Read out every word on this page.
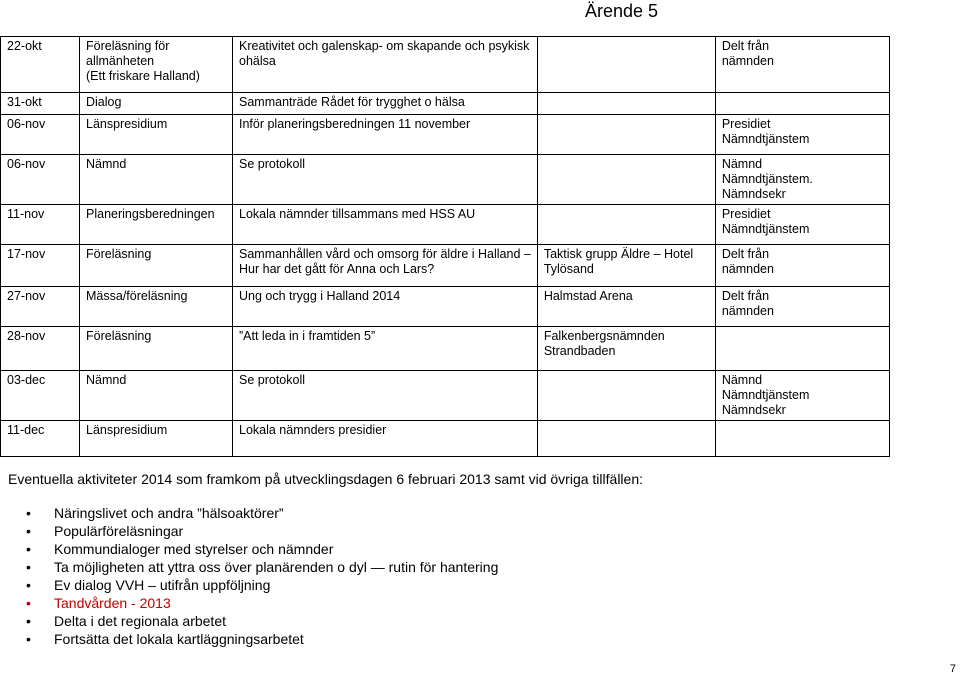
Ärende 5
22-okt	Föreläsning för
allmänheten
(Ett friskare Halland)	Kreativitet och galenskap- om skapande och psykisk
ohälsa		Delt från
nämnden

31-okt	Dialog	Sammanträde Rådet för trygghet o hälsa		

06-nov	Länspresidium	Inför planeringsberedningen 11 november		Presidiet
Nämndtjänstem

06-nov	Nämnd	Se protokoll		Nämnd
Nämndtjänstem.
Nämndsekr

11-nov	Planeringsberedningen	Lokala nämnder tillsammans med HSS AU		Presidiet
Nämndtjänstem

17-nov	Föreläsning	Sammanhållen vård och omsorg för äldre i Halland –
Hur har det gått för Anna och Lars?	Taktisk grupp Äldre – Hotel
Tylösand	Delt från
nämnden

27-nov	Mässa/föreläsning	Ung och trygg i Halland 2014	Halmstad Arena	Delt från
nämnden

28-nov	Föreläsning	”Att leda in i framtiden 5”	Falkenbergsnämnden
Strandbaden	

03-dec	Nämnd	Se protokoll		Nämnd
Nämndtjänstem
Nämndsekr

11-dec	Länspresidium	Lokala nämnders presidier		

Eventuella aktiviteter 2014 som framkom på utvecklingsdagen 6 februari 2013 samt vid övriga tillfällen:
• Näringslivet och andra ”hälsoaktörer”
• Populärföreläsningar
• Kommundialoger med styrelser och nämnder
• Ta möjligheten att yttra oss över planärenden o dyl — rutin för hantering
• Ev dialog VVH – utifrån uppföljning
• Tandvården - 2013
• Delta i det regionala arbetet
• Fortsätta det lokala kartläggningsarbetet
7
